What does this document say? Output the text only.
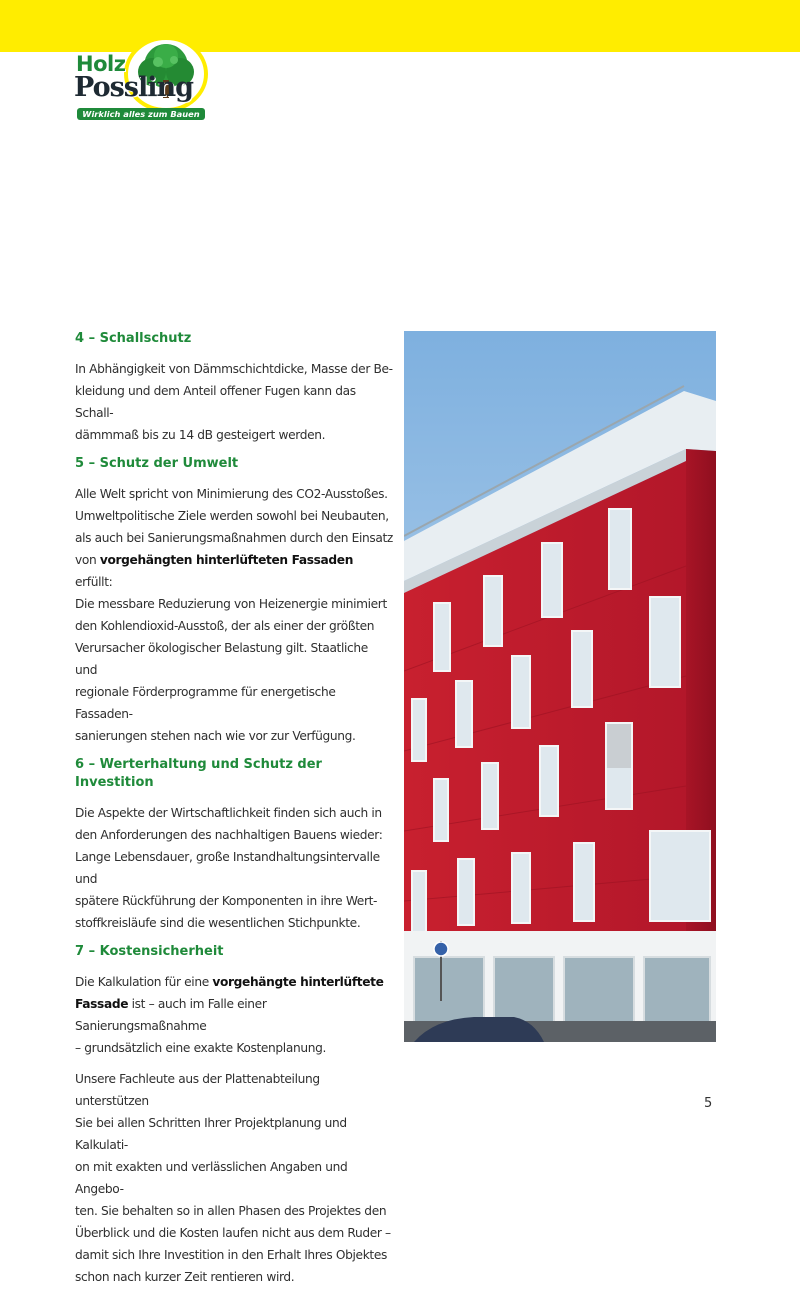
Holz
Possling
Wirklich alles zum Bauen
4 – Schallschutz

In Abhängigkeit von Dämmschichtdicke, Masse der Be-
kleidung und dem Anteil offener Fugen kann das Schall-
dämmmaß bis zu 14 dB gesteigert werden.

5 – Schutz der Umwelt

Alle Welt spricht von Minimierung des CO2-Ausstoßes.
Umweltpolitische Ziele werden sowohl bei Neubauten,
als auch bei Sanierungsmaßnahmen durch den Einsatz
von vorgehängten hinterlüfteten Fassaden erfüllt:
Die messbare Reduzierung von Heizenergie minimiert
den Kohlendioxid-Ausstoß, der als einer der größten
Verursacher ökologischer Belastung gilt. Staatliche und
regionale Förderprogramme für energetische Fassaden-
sanierungen stehen nach wie vor zur Verfügung.

6 – Werterhaltung und Schutz der Investition

Die Aspekte der Wirtschaftlichkeit finden sich auch in
den Anforderungen des nachhaltigen Bauens wieder:
Lange Lebensdauer, große Instandhaltungsintervalle und
spätere Rückführung der Komponenten in ihre Wert-
stoffkreisläufe sind die wesentlichen Stichpunkte.

7 – Kostensicherheit

Die Kalkulation für eine vorgehängte hinterlüftete
Fassade ist – auch im Falle einer Sanierungsmaßnahme
– grundsätzlich eine exakte Kostenplanung.

Unsere Fachleute aus der Plattenabteilung unterstützen
Sie bei allen Schritten Ihrer Projektplanung und Kalkulati-
on mit exakten und verlässlichen Angaben und Angebo-
ten. Sie behalten so in allen Phasen des Projektes den
Überblick und die Kosten laufen nicht aus dem Ruder –
damit sich Ihre Investition in den Erhalt Ihres Objektes
schon nach kurzer Zeit rentieren wird.

5
